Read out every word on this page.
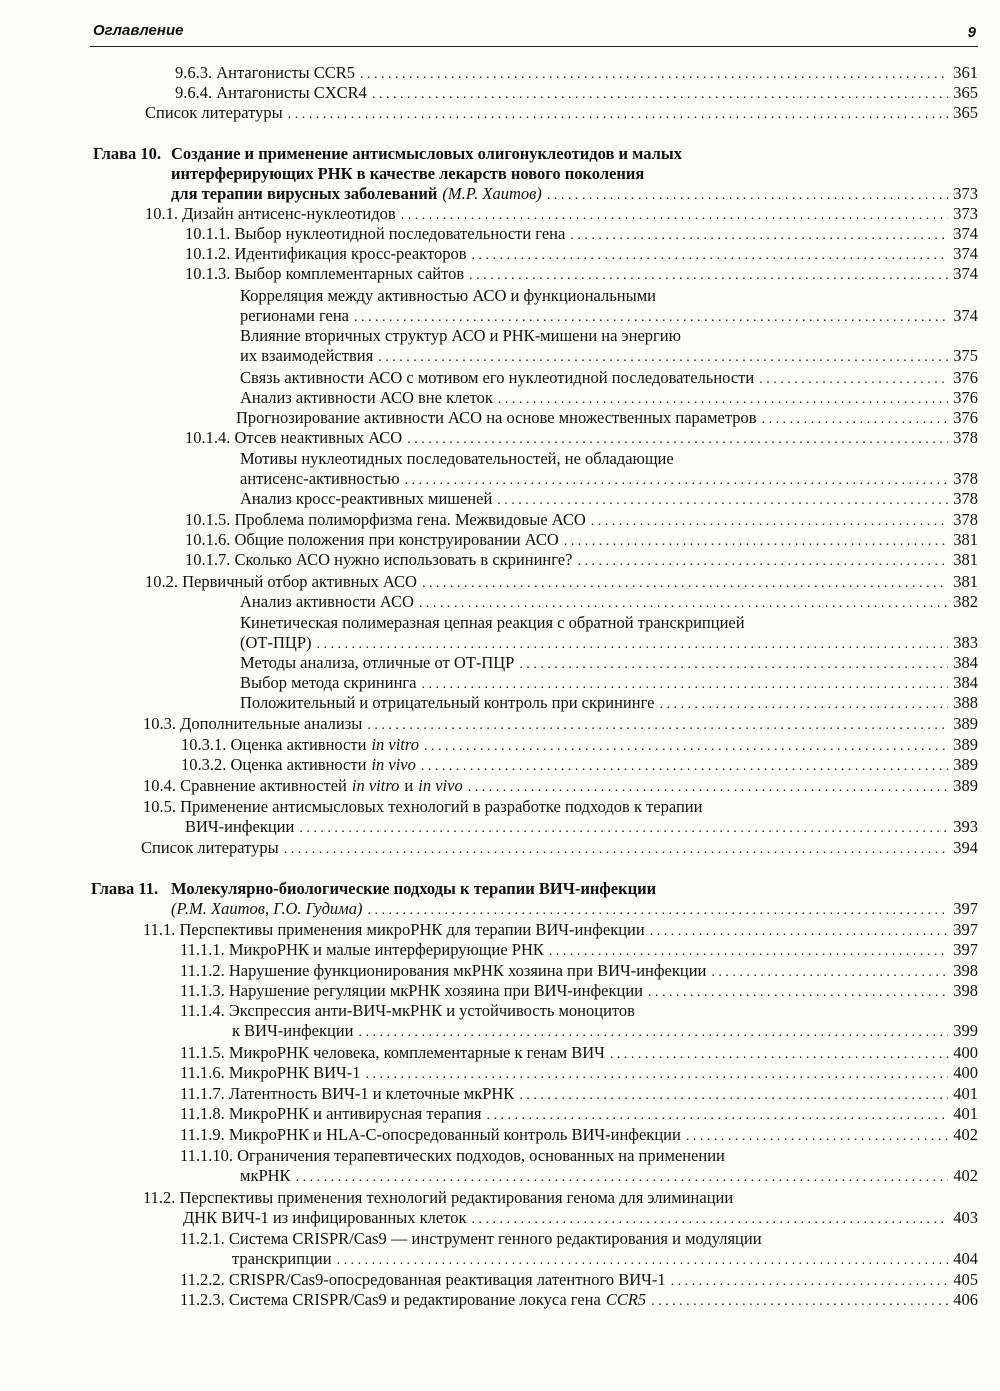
Оглавление	9
9.6.3. Антагонисты CCR5 . . .	361
9.6.4. Антагонисты CXCR4 . . .	365
Список литературы . . .	365
Глава 10. Создание и применение антисмысловых олигонуклеотидов и малых
интерферирующих РНК в качестве лекарств нового поколения
для терапии вирусных заболеваний (М.Р. Хаитов) . . .	373
10.1. Дизайн антисенс-нуклеотидов . . .	373
10.1.1. Выбор нуклеотидной последовательности гена . . .	374
10.1.2. Идентификация кросс-реакторов . . .	374
10.1.3. Выбор комплементарных сайтов . . .	374
Корреляция между активностью АСО и функциональными
регионами гена . . .	374
Влияние вторичных структур АСО и РНК-мишени на энергию
их взаимодействия . . .	375
Связь активности АСО с мотивом его нуклеотидной последовательности . . .	376
Анализ активности АСО вне клеток . . .	376
Прогнозирование активности АСО на основе множественных параметров . . .	376
10.1.4. Отсев неактивных АСО . . .	378
Мотивы нуклеотидных последовательностей, не обладающие
антисенс-активностью . . .	378
Анализ кросс-реактивных мишеней . . .	378
10.1.5. Проблема полиморфизма гена. Межвидовые АСО . . .	378
10.1.6. Общие положения при конструировании АСО . . .	381
10.1.7. Сколько АСО нужно использовать в скрининге? . . .	381
10.2. Первичный отбор активных АСО . . .	381
Анализ активности АСО . . .	382
Кинетическая полимеразная цепная реакция с обратной транскрипцией
(ОТ-ПЦР) . . .	383
Методы анализа, отличные от ОТ-ПЦР . . .	384
Выбор метода скрининга . . .	384
Положительный и отрицательный контроль при скрининге . . .	388
10.3. Дополнительные анализы . . .	389
10.3.1. Оценка активности in vitro . . .	389
10.3.2. Оценка активности in vivo . . .	389
10.4. Сравнение активностей in vitro и in vivo . . .	389
10.5. Применение антисмысловых технологий в разработке подходов к терапии
ВИЧ-инфекции . . .	393
Список литературы . . .	394
Глава 11. Молекулярно-биологические подходы к терапии ВИЧ-инфекции
(Р.М. Хаитов, Г.О. Гудима) . . .	397
11.1. Перспективы применения микроРНК для терапии ВИЧ-инфекции . . .	397
11.1.1. МикроРНК и малые интерферирующие РНК . . .	397
11.1.2. Нарушение функционирования мкРНК хозяина при ВИЧ-инфекции . . .	398
11.1.3. Нарушение регуляции мкРНК хозяина при ВИЧ-инфекции . . .	398
11.1.4. Экспрессия анти-ВИЧ-мкРНК и устойчивость моноцитов
к ВИЧ-инфекции . . .	399
11.1.5. МикроРНК человека, комплементарные к генам ВИЧ . . .	400
11.1.6. МикроРНК ВИЧ-1 . . .	400
11.1.7. Латентность ВИЧ-1 и клеточные мкРНК . . .	401
11.1.8. МикроРНК и антивирусная терапия . . .	401
11.1.9. МикроРНК и HLA-C-опосредованный контроль ВИЧ-инфекции . . .	402
11.1.10. Ограничения терапевтических подходов, основанных на применении
мкРНК . . .	402
11.2. Перспективы применения технологий редактирования генома для элиминации
ДНК ВИЧ-1 из инфицированных клеток . . .	403
11.2.1. Система CRISPR/Cas9 — инструмент генного редактирования и модуляции
транскрипции . . .	404
11.2.2. CRISPR/Cas9-опосредованная реактивация латентного ВИЧ-1 . . .	405
11.2.3. Система CRISPR/Cas9 и редактирование локуса гена CCR5 . . .	406
